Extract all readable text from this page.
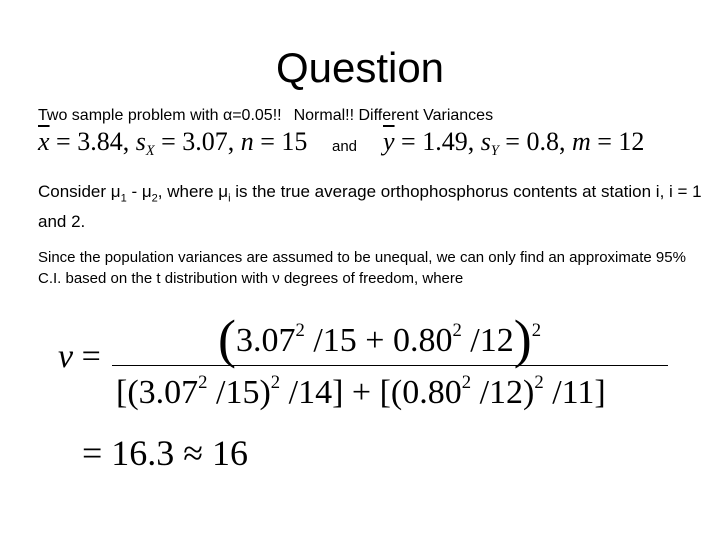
Question
Two sample problem with α=0.05!! Normal!! Different Variances
$\overline{x} = 3.84$, $s_X = 3.07$, n = 15 and $\overline{y} = 1.49$, $s_Y = 0.8$, m = 12
Consider $\mu_1 - \mu_2$, where $\mu_i$ is the true average orthophosphorus contents at station i, i = 1 and 2.
Since the population variances are assumed to be unequal, we can only find an approximate 95% C.I. based on the t distribution with ν degrees of freedom, where
$\nu = (3.07^2$ $/15 + 0.80^2$ /12)$^2$
[(3.07$^2$ /15)$^2$ $/14] + [(0.80^2$ /12)$^2$ /11]
= 16.3 ≈ 16
